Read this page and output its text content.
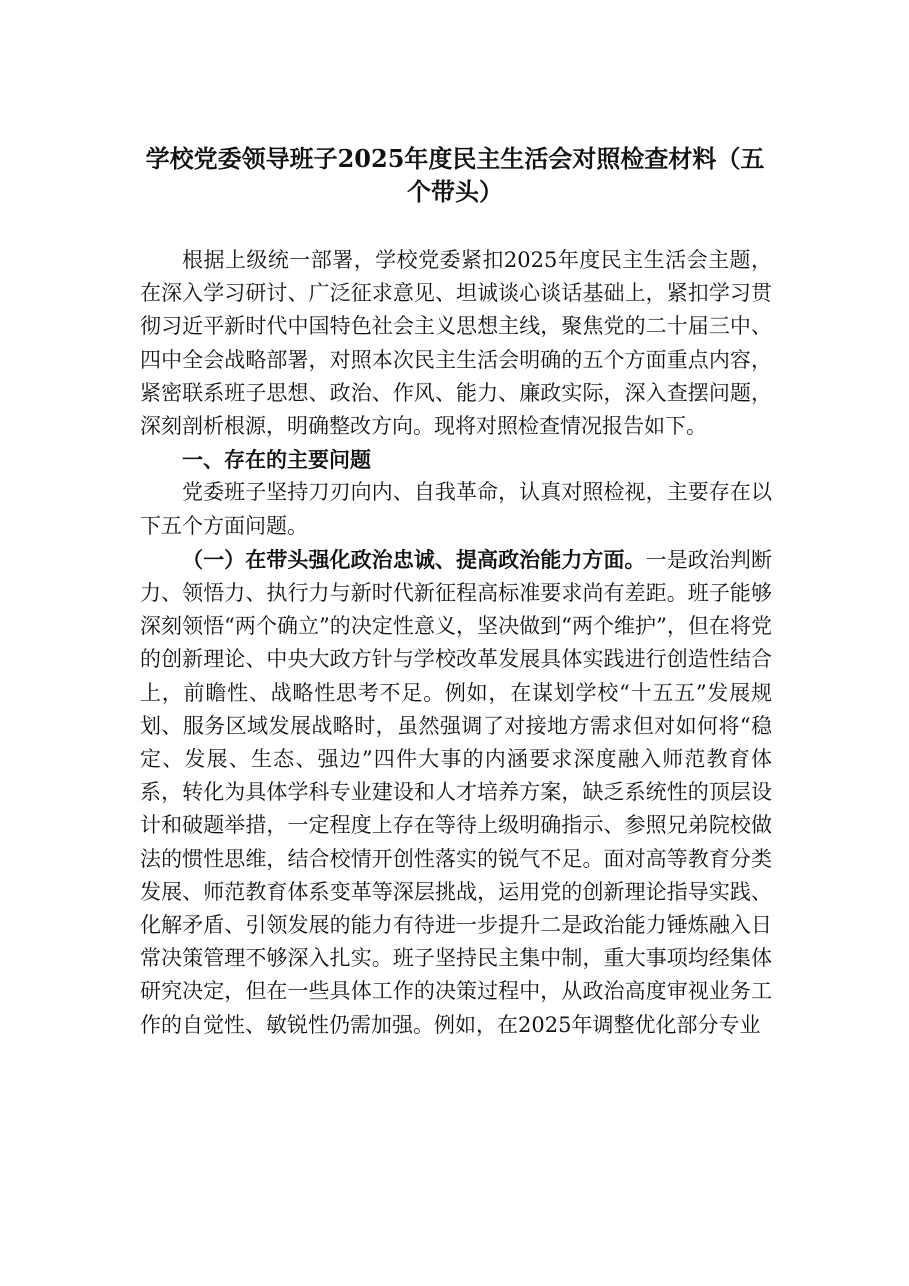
学校党委领导班子2025年度民主生活会对照检查材料（五个带头）

根据上级统一部署，学校党委紧扣2025年度民主生活会主题，在深入学习研讨、广泛征求意见、坦诚谈心谈话基础上，紧扣学习贯彻习近平新时代中国特色社会主义思想主线，聚焦党的二十届三中、四中全会战略部署，对照本次民主生活会明确的五个方面重点内容，紧密联系班子思想、政治、作风、能力、廉政实际，深入查摆问题，深刻剖析根源，明确整改方向。现将对照检查情况报告如下。

一、存在的主要问题

党委班子坚持刀刃向内、自我革命，认真对照检视，主要存在以下五个方面问题。

（一）在带头强化政治忠诚、提高政治能力方面。一是政治判断力、领悟力、执行力与新时代新征程高标准要求尚有差距。班子能够深刻领悟“两个确立”的决定性意义，坚决做到“两个维护”，但在将党的创新理论、中央大政方针与学校改革发展具体实践进行创造性结合上，前瞻性、战略性思考不足。例如，在谋划学校“十五五”发展规划、服务区域发展战略时，虽然强调了对接地方需求但对如何将“稳定、发展、生态、强边”四件大事的内涵要求深度融入师范教育体系，转化为具体学科专业建设和人才培养方案，缺乏系统性的顶层设计和破题举措，一定程度上存在等待上级明确指示、参照兄弟院校做法的惯性思维，结合校情开创性落实的锐气不足。面对高等教育分类发展、师范教育体系变革等深层挑战，运用党的创新理论指导实践、化解矛盾、引领发展的能力有待进一步提升二是政治能力锤炼融入日常决策管理不够深入扎实。班子坚持民主集中制，重大事项均经集体研究决定，但在一些具体工作的决策过程中，从政治高度审视业务工作的自觉性、敏锐性仍需加强。例如，在2025年调整优化部分专业
